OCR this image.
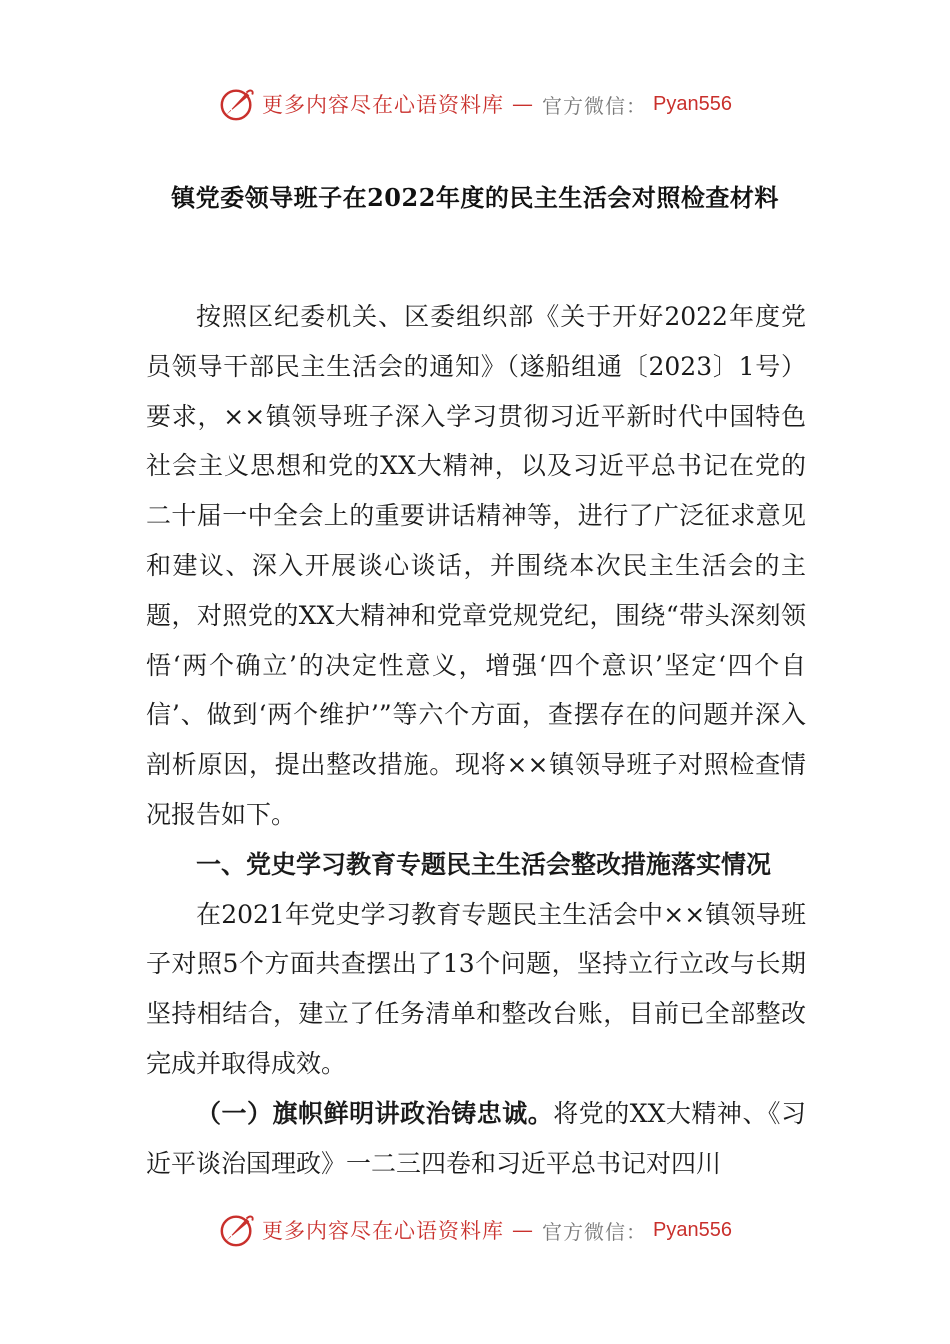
更多内容尽在心语资料库 — 官方微信： Pyan556
镇党委领导班子在2022年度的民主生活会对照检查材料

按照区纪委机关、区委组织部《关于开好2022年度党员领导干部民主生活会的通知》（遂船组通〔2023〕1号）要求，××镇领导班子深入学习贯彻习近平新时代中国特色社会主义思想和党的XX大精神，以及习近平总书记在党的二十届一中全会上的重要讲话精神等，进行了广泛征求意见和建议、深入开展谈心谈话，并围绕本次民主生活会的主题，对照党的XX大精神和党章党规党纪，围绕“带头深刻领悟‘两个确立’的决定性意义，增强‘四个意识’坚定‘四个自信’、做到‘两个维护’”等六个方面，查摆存在的问题并深入剖析原因，提出整改措施。现将××镇领导班子对照检查情况报告如下。

一、党史学习教育专题民主生活会整改措施落实情况

在2021年党史学习教育专题民主生活会中××镇领导班子对照5个方面共查摆出了13个问题，坚持立行立改与长期坚持相结合，建立了任务清单和整改台账，目前已全部整改完成并取得成效。

（一）旗帜鲜明讲政治铸忠诚。将党的XX大精神、《习近平谈治国理政》一二三四卷和习近平总书记对四川

更多内容尽在心语资料库 — 官方微信： Pyan556
